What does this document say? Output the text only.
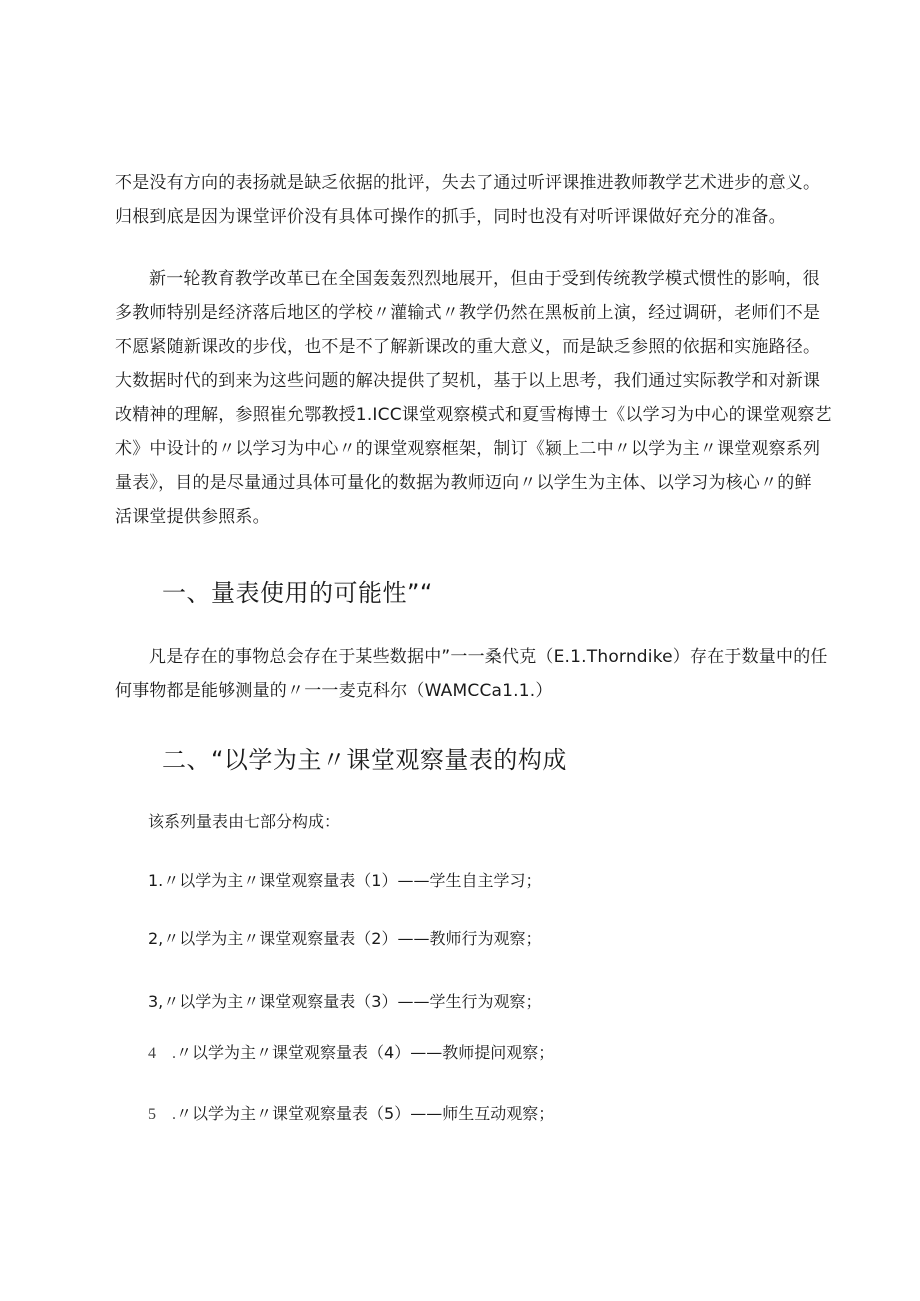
不是没有方向的表扬就是缺乏依据的批评，失去了通过听评课推进教师教学艺术进步的意义。
归根到底是因为课堂评价没有具体可操作的抓手，同时也没有对听评课做好充分的准备。

新一轮教育教学改革已在全国轰轰烈烈地展开，但由于受到传统教学模式惯性的影响，很
多教师特别是经济落后地区的学校〃灌输式〃教学仍然在黑板前上演，经过调研，老师们不是
不愿紧随新课改的步伐，也不是不了解新课改的重大意义，而是缺乏参照的依据和实施路径。
大数据时代的到来为这些问题的解决提供了契机，基于以上思考，我们通过实际教学和对新课
改精神的理解，参照崔允鄂教授1.ICC课堂观察模式和夏雪梅博士《以学习为中心的课堂观察艺
术》中设计的〃以学习为中心〃的课堂观察框架，制订《颍上二中〃以学为主〃课堂观察系列
量表》，目的是尽量通过具体可量化的数据为教师迈向〃以学生为主体、以学习为核心〃的鲜
活课堂提供参照系。

一、量表使用的可能性”“

凡是存在的事物总会存在于某些数据中”一一桑代克（E.1.Thorndike）存在于数量中的任
何事物都是能够测量的〃一一麦克科尔（WAMCCa1.1.）

二、“以学为主〃课堂观察量表的构成

该系列量表由七部分构成：

1.〃以学为主〃课堂观察量表（1）——学生自主学习；
2,〃以学为主〃课堂观察量表（2）——教师行为观察；
3,〃以学为主〃课堂观察量表（3）——学生行为观察；
4　.〃以学为主〃课堂观察量表（4）——教师提问观察；
5　.〃以学为主〃课堂观察量表（5）——师生互动观察；
